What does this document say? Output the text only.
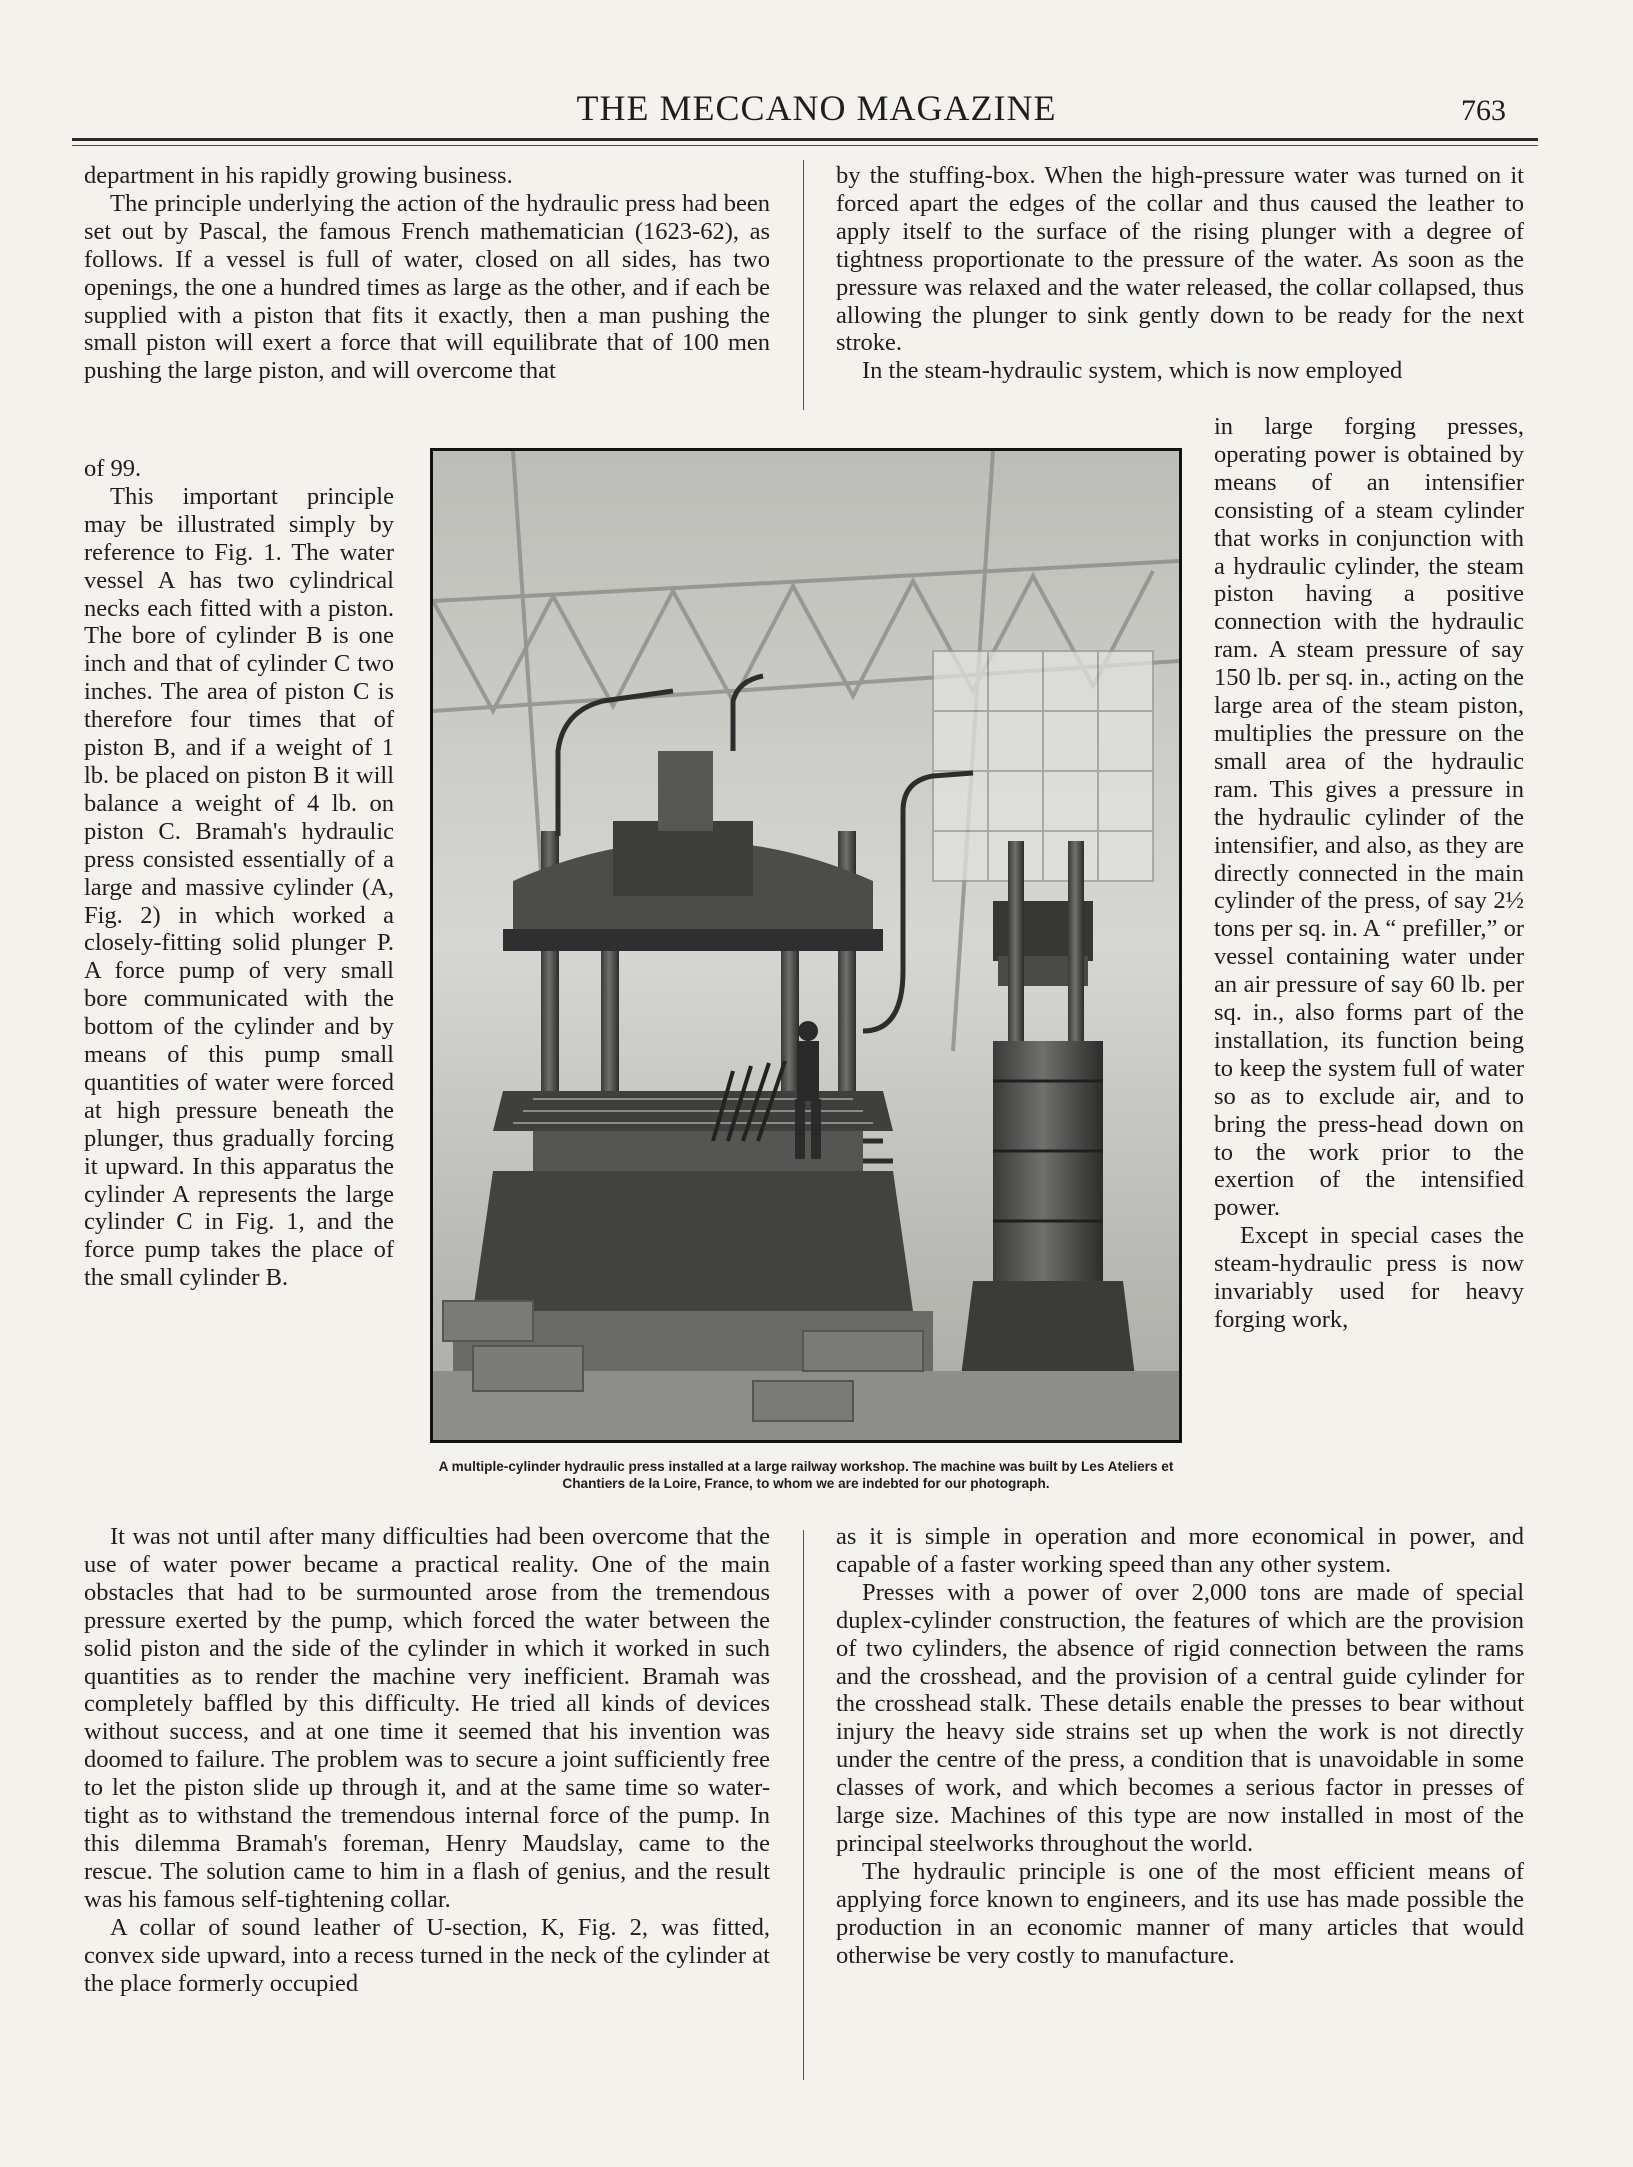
THE MECCANO MAGAZINE	763

department in his rapidly growing business.

The principle underlying the action of the hydraulic press had been set out by Pascal, the famous French mathematician (1623-62), as follows. If a vessel is full of water, closed on all sides, has two openings, the one a hundred times as large as the other, and if each be supplied with a piston that fits it exactly, then a man pushing the small piston will exert a force that will equilibrate that of 100 men pushing the large piston, and will overcome that

of 99.

This important principle may be illustrated simply by reference to Fig. 1. The water vessel A has two cylindrical necks each fitted with a piston. The bore of cylinder B is one inch and that of cylinder C two inches. The area of piston C is therefore four times that of piston B, and if a weight of 1 lb. be placed on piston B it will balance a weight of 4 lb. on piston C. Bramah's hydraulic press consisted essentially of a large and massive cylinder (A, Fig. 2) in which worked a closely-fitting solid plunger P. A force pump of very small bore communicated with the bottom of the cylinder and by means of this pump small quantities of water were forced at high pressure beneath the plunger, thus gradually forcing it upward. In this apparatus the cylinder A represents the large cylinder C in Fig. 1, and the force pump takes the place of the small cylinder B.

It was not until after many difficulties had been overcome that the use of water power became a practical reality. One of the main obstacles that had to be surmounted arose from the tremendous pressure exerted by the pump, which forced the water between the solid piston and the side of the cylinder in which it worked in such quantities as to render the machine very inefficient. Bramah was completely baffled by this difficulty. He tried all kinds of devices without success, and at one time it seemed that his invention was doomed to failure. The problem was to secure a joint sufficiently free to let the piston slide up through it, and at the same time so water-tight as to withstand the tremendous internal force of the pump. In this dilemma Bramah's foreman, Henry Maudslay, came to the rescue. The solution came to him in a flash of genius, and the result was his famous self-tightening collar.

A collar of sound leather of U-section, K, Fig. 2, was fitted, convex side upward, into a recess turned in the neck of the cylinder at the place formerly occupied

by the stuffing-box. When the high-pressure water was turned on it forced apart the edges of the collar and thus caused the leather to apply itself to the surface of the rising plunger with a degree of tightness proportionate to the pressure of the water. As soon as the pressure was relaxed and the water released, the collar collapsed, thus allowing the plunger to sink gently down to be ready for the next stroke.

In the steam-hydraulic system, which is now employed

in large forging presses, operating power is obtained by means of an intensifier consisting of a steam cylinder that works in conjunction with a hydraulic cylinder, the steam piston having a positive connection with the hydraulic ram. A steam pressure of say 150 lb. per sq. in., acting on the large area of the steam piston, multiplies the pressure on the small area of the hydraulic ram. This gives a pressure in the hydraulic cylinder of the intensifier, and also, as they are directly connected in the main cylinder of the press, of say 2½ tons per sq. in. A “ prefiller,” or vessel containing water under an air pressure of say 60 lb. per sq. in., also forms part of the installation, its function being to keep the system full of water so as to exclude air, and to bring the press-head down on to the work prior to the exertion of the intensified power.

Except in special cases the steam-hydraulic press is now invariably used for heavy forging work,

as it is simple in operation and more economical in power, and capable of a faster working speed than any other system.

Presses with a power of over 2,000 tons are made of special duplex-cylinder construction, the features of which are the provision of two cylinders, the absence of rigid connection between the rams and the crosshead, and the provision of a central guide cylinder for the crosshead stalk. These details enable the presses to bear without injury the heavy side strains set up when the work is not directly under the centre of the press, a condition that is unavoidable in some classes of work, and which becomes a serious factor in presses of large size. Machines of this type are now installed in most of the principal steelworks throughout the world.

The hydraulic principle is one of the most efficient means of applying force known to engineers, and its use has made possible the production in an economic manner of many articles that would otherwise be very costly to manufacture.

A multiple-cylinder hydraulic press installed at a large railway workshop. The machine was built by Les Ateliers et Chantiers de la Loire, France, to whom we are indebted for our photograph.
